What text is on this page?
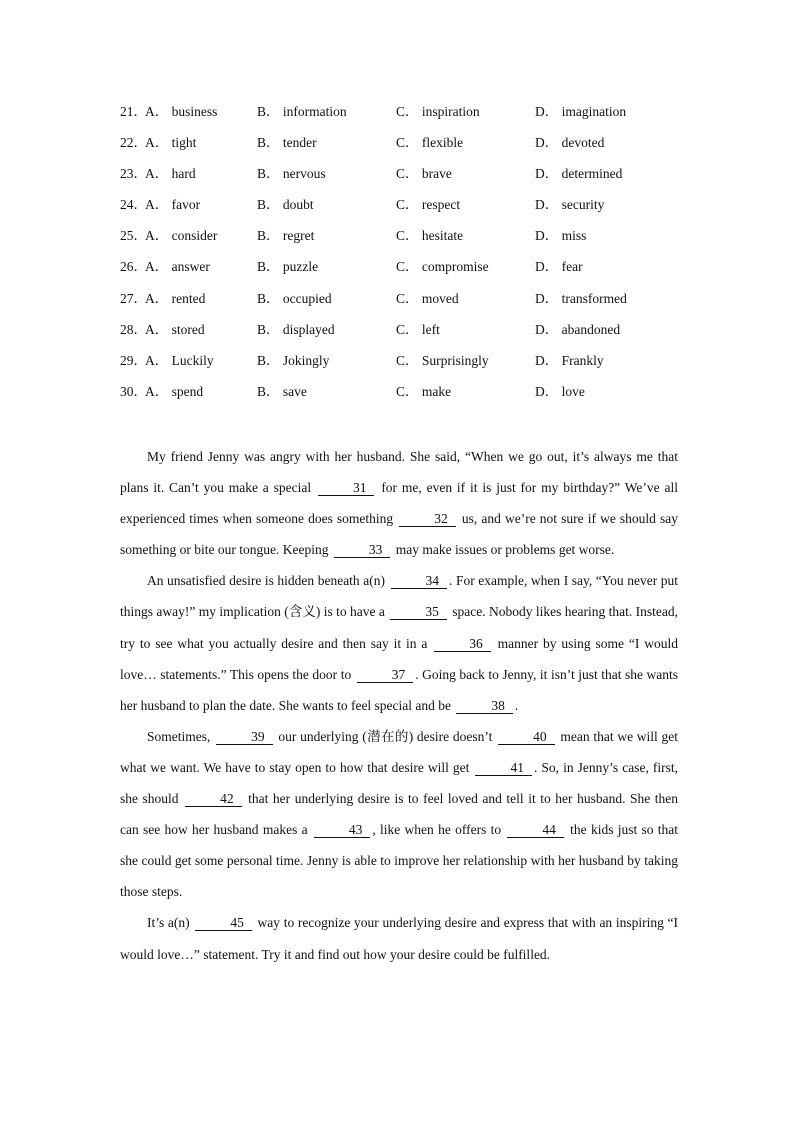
21．
A． business	B． information	C． inspiration	D． imagination
22．
A． tight	B． tender	C． flexible	D． devoted
23．
A． hard	B． nervous	C． brave	D． determined
24．
A． favor	B． doubt	C． respect	D． security
25．
A． consider	B． regret	C． hesitate	D． miss
26．
A． answer	B． puzzle	C． compromise	D． fear
27．
A． rented	B． occupied	C． moved	D． transformed
28．
A． stored	B． displayed	C． left	D． abandoned
29．
A． Luckily	B． Jokingly	C． Surprisingly	D． Frankly
30．
A． spend	B． save	C． make	D． love

My friend Jenny was angry with her husband. She said, “When we go out, it’s always me that plans it. Can’t you make a special	31 for me, even if it is just for my birthday?” We’ve all experienced times when someone does something	32 us, and we’re not sure if we should say something or bite our tongue. Keeping	33 may make issues or problems get worse.

An unsatisfied desire is hidden beneath a(n)	34 . For example, when I say, “You never put things away!” my implication (含义) is to have a	35 space. Nobody likes hearing that. Instead, try to see what you actually desire and then say it in a	36 manner by using some “I would love… statements.” This opens the door to	37 . Going back to Jenny, it isn’t just that she wants her husband to plan the date. She wants to feel special and be	38 .

Sometimes,	39 our underlying (潜在的) desire doesn’t	40 mean that we will get what we want. We have to stay open to how that desire will get	41 . So, in Jenny’s case, first, she should	42 that her underlying desire is to feel loved and tell it to her husband. She then can see how her husband makes a	43 , like when he offers to	44 the kids just so that she could get some personal time. Jenny is able to improve her relationship with her husband by taking those steps.

It’s a(n)	45 way to recognize your underlying desire and express that with an inspiring “I would love…” statement. Try it and find out how your desire could be fulfilled.
